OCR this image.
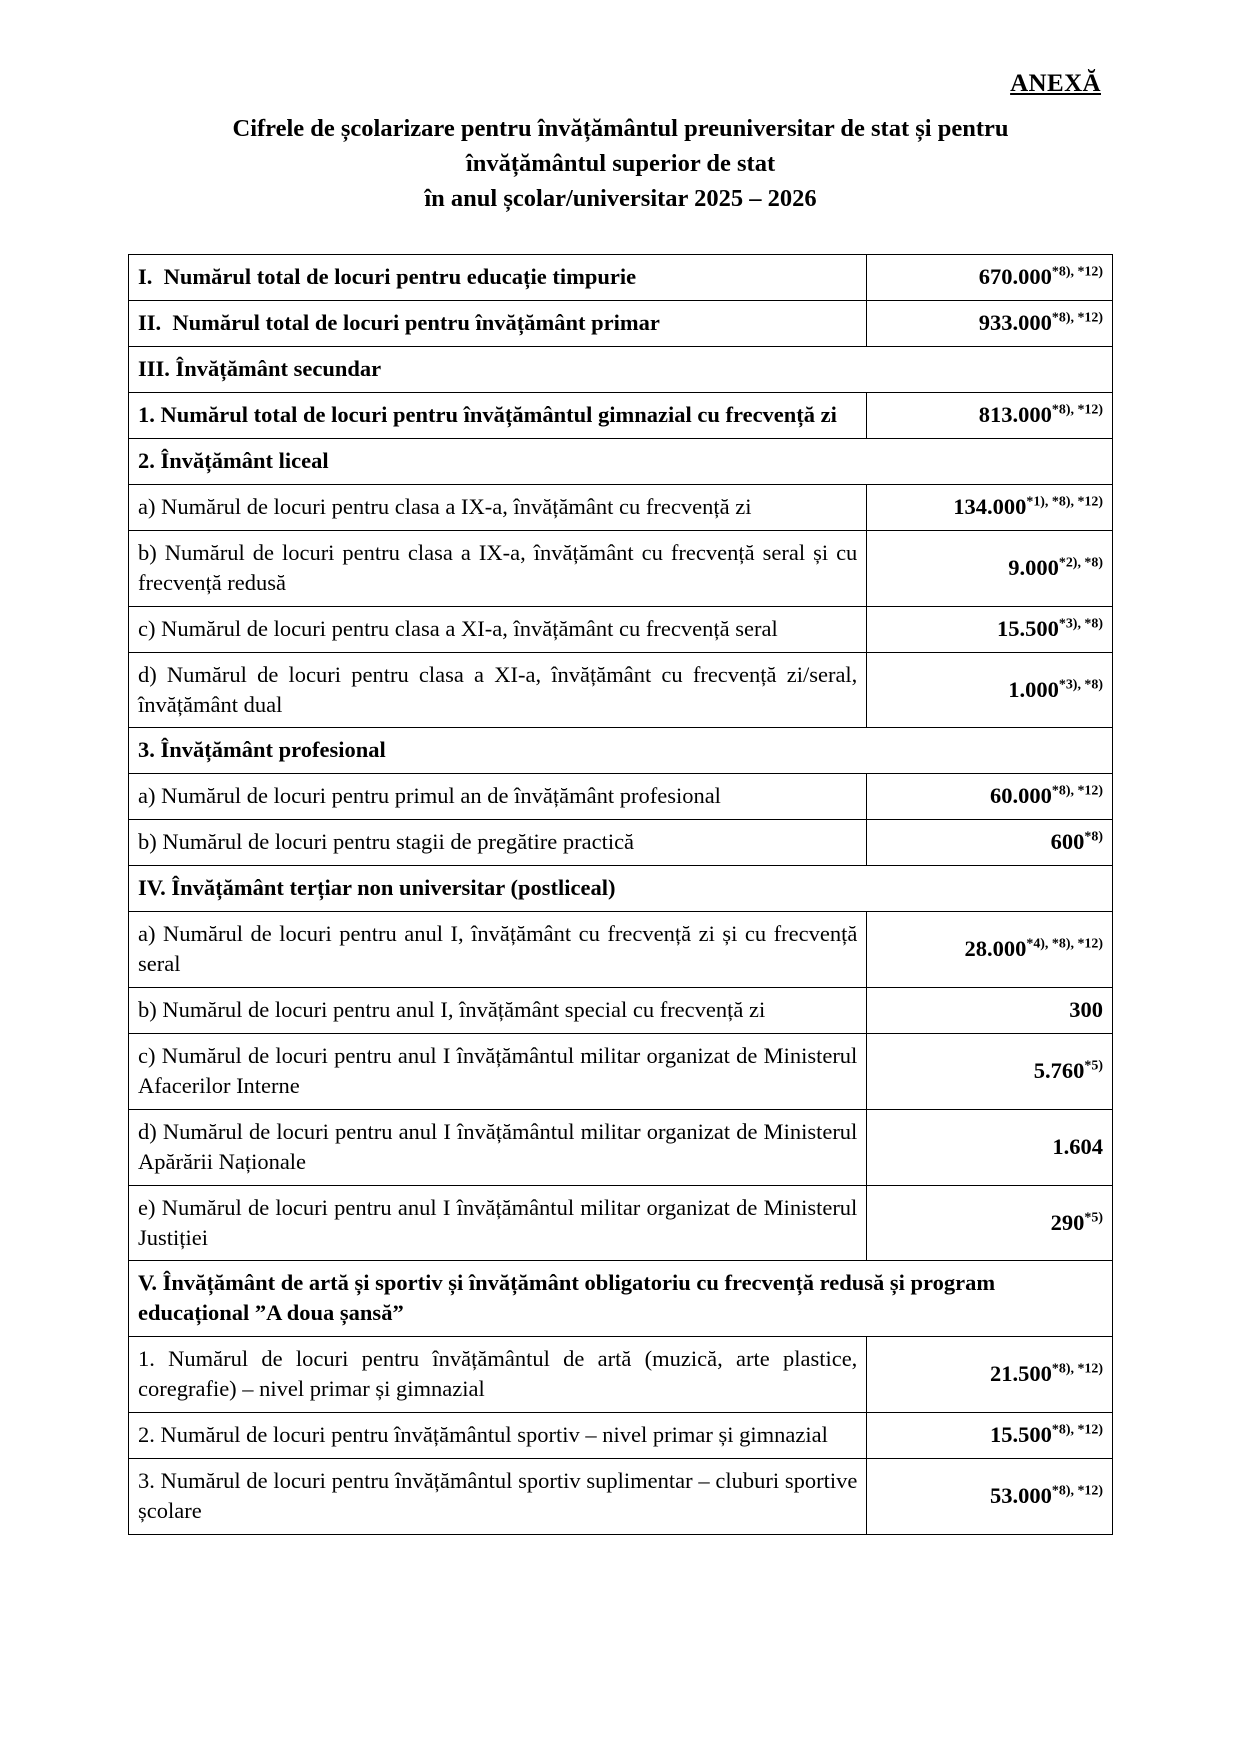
ANEXĂ
Cifrele de școlarizare pentru învățământul preuniversitar de stat și pentru
învățământul superior de stat
în anul școlar/universitar 2025 – 2026
I. Numărul total de locuri pentru educație timpurie	$670.000^{*8), *12)}$
II. Numărul total de locuri pentru învățământ primar	$933.000^{*8), *12)}$
III. Învățământ secundar	
1. Numărul total de locuri pentru învățământul gimnazial cu frecvență zi	$813.000^{*8), *12)}$
2. Învățământ liceal	
a) Numărul de locuri pentru clasa a IX-a, învățământ cu frecvență zi	$134.000^{*1), *8), *12)}$
b) Numărul de locuri pentru clasa a IX-a, învățământ cu frecvență seral și cu frecvență redusă	$9.000^{*2), *8)}$
c) Numărul de locuri pentru clasa a XI-a, învățământ cu frecvență seral	$15.500^{*3), *8)}$
d) Numărul de locuri pentru clasa a XI-a, învățământ cu frecvență zi/seral, învățământ dual	$1.000^{*3), *8)}$
3. Învățământ profesional	
a) Numărul de locuri pentru primul an de învățământ profesional	$60.000^{*8), *12)}$
b) Numărul de locuri pentru stagii de pregătire practică	600$^{*8)}$
IV. Învățământ terțiar non universitar (postliceal)	
a) Numărul de locuri pentru anul I, învățământ cu frecvență zi și cu frecvență seral	$28.000^{*4), *8), *12)}$
b) Numărul de locuri pentru anul I, învățământ special cu frecvență zi	300
c) Numărul de locuri pentru anul I învățământul militar organizat de Ministerul Afacerilor Interne	5.760$^{*5)}$
d) Numărul de locuri pentru anul I învățământul militar organizat de Ministerul Apărării Naționale	1.604
e) Numărul de locuri pentru anul I învățământul militar organizat de Ministerul Justiției	290$^{*5)}$
V. Învățământ de artă și sportiv și învățământ obligatoriu cu frecvență redusă și program educațional ”A doua șansă”	
1. Numărul de locuri pentru învățământul de artă (muzică, arte plastice, coregrafie) – nivel primar și gimnazial	$21.500^{*8), *12)}$
2. Numărul de locuri pentru învățământul sportiv – nivel primar și gimnazial	$15.500^{*8), *12)}$
3. Numărul de locuri pentru învățământul sportiv suplimentar – cluburi sportive școlare	$53.000^{*8), *12)}$
